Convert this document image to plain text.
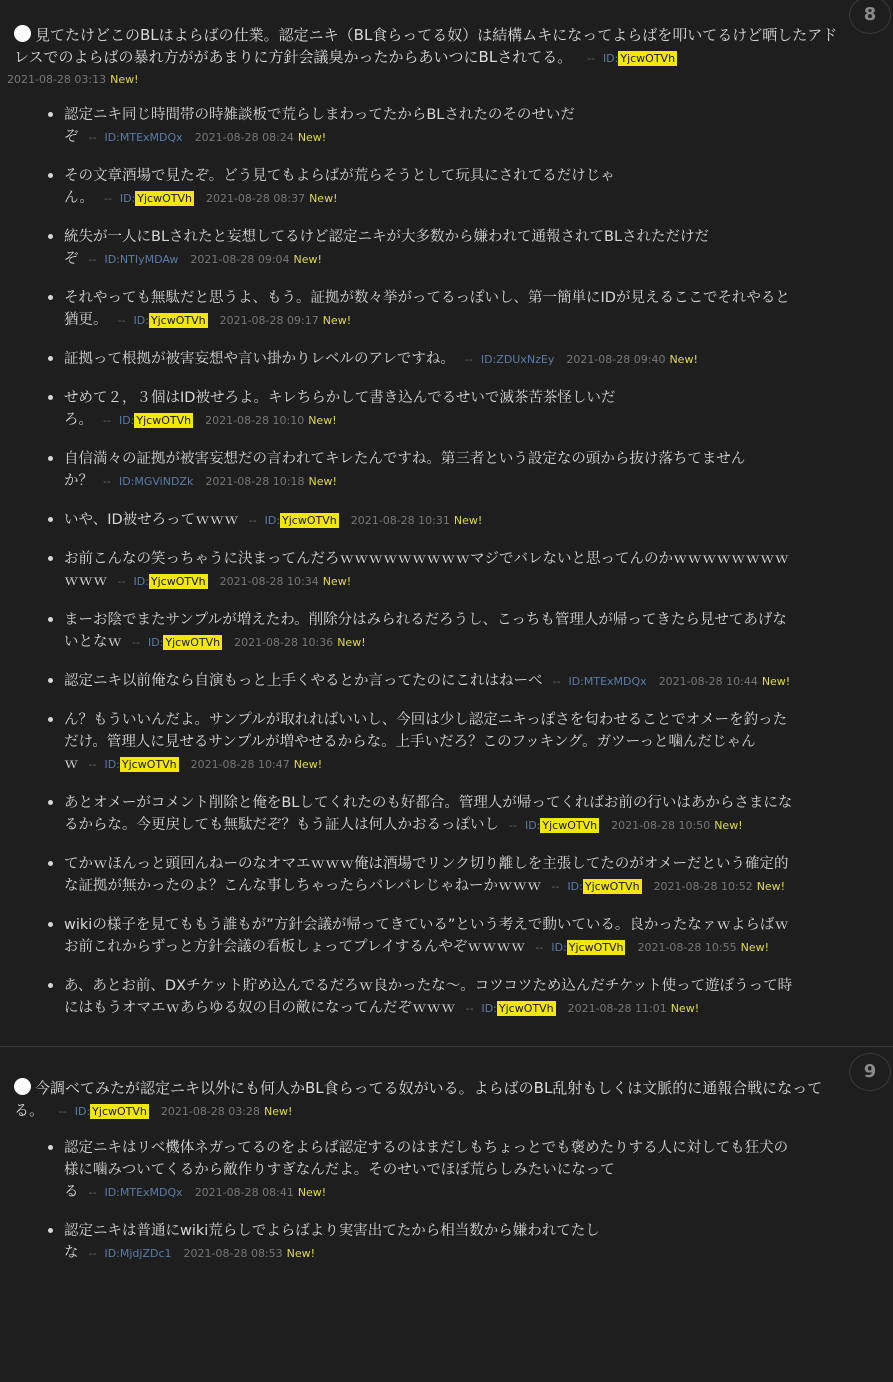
8
見てたけどこのBLはよらばの仕業。認定ニキ（BL食らってる奴）は結構ムキになってよらばを叩いてるけど晒したアドレスでのよらばの暴れ方ががあまりに方針会議臭かったからあいつにBLされてる。 -- ID: YjcwOTVh
2021-08-28 03:13 New!
認定ニキ同じ時間帯の時雑談板で荒らしまわってたからBLされたのそのせいだぞ -- ID:MTExMDQx 2021-08-28 08:24 New!
その文章酒場で見たぞ。どう見てもよらばが荒らそうとして玩具にされてるだけじゃん。 -- ID: YjcwOTVh 2021-08-28 08:37 New!
統失が一人にBLされたと妄想してるけど認定ニキが大多数から嫌われて通報されてBLされただけだぞ -- ID:NTIyMDAw 2021-08-28 09:04 New!
それやっても無駄だと思うよ、もう。証拠が数々挙がってるっぽいし、第一簡単にIDが見えるここでそれやると猶更。 -- ID: YjcwOTVh 2021-08-28 09:17 New!
証拠って根拠が被害妄想や言い掛かりレベルのアレですね。 -- ID:ZDUxNzEy 2021-08-28 09:40 New!
せめて２，３個はID被せろよ。キレちらかして書き込んでるせいで滅茶苦茶怪しいだろ。 -- ID: YjcwOTVh 2021-08-28 10:10 New!
自信満々の証拠が被害妄想だの言われてキレたんですね。第三者という設定なの頭から抜け落ちてませんか？ -- ID:MGViNDZk 2021-08-28 10:18 New!
いや、ID被せろってｗｗｗ -- ID: YjcwOTVh 2021-08-28 10:31 New!
お前こんなの笑っちゃうに決まってんだろｗｗｗｗｗｗｗｗｗマジでバレないと思ってんのかｗｗｗｗｗｗｗｗｗｗｗ -- ID: YjcwOTVh 2021-08-28 10:34 New!
まーお陰でまたサンプルが増えたわ。削除分はみられるだろうし、こっちも管理人が帰ってきたら見せてあげないとなｗ -- ID: YjcwOTVh 2021-08-28 10:36 New!
認定ニキ以前俺なら自演もっと上手くやるとか言ってたのにこれはねーべ -- ID:MTExMDQx 2021-08-28 10:44 New!
ん？もういいんだよ。サンプルが取れればいいし、今回は少し認定ニキっぽさを匂わせることでオメーを釣っただけ。管理人に見せるサンプルが増やせるからな。上手いだろ？このフッキング。ガツーっと噛んだじゃんｗ -- ID: YjcwOTVh 2021-08-28 10:47 New!
あとオメーがコメント削除と俺をBLしてくれたのも好都合。管理人が帰ってくればお前の行いはあからさまになるからな。今更戻しても無駄だぞ？もう証人は何人かおるっぽいし -- ID: YjcwOTVh 2021-08-28 10:50 New!
てかｗほんっと頭回んねーのなオマエｗｗｗ俺は酒場でリンク切り離しを主張してたのがオメーだという確定的な証拠が無かったのよ？こんな事しちゃったらバレバレじゃねーかｗｗｗ -- ID: YjcwOTVh 2021-08-28 10:52 New!
wikiの様子を見てももう誰もが”方針会議が帰ってきている”という考えで動いている。良かったなァｗよらばｗお前これからずっと方針会議の看板しょってプレイするんやぞｗｗｗｗ -- ID: YjcwOTVh 2021-08-28 10:55 New!
あ、あとお前、DXチケット貯め込んでるだろｗ良かったな～。コツコツため込んだチケット使って遊ぼうって時にはもうオマエｗあらゆる奴の目の敵になってんだぞｗｗｗ -- ID: YjcwOTVh 2021-08-28 11:01 New!
9
今調べてみたが認定ニキ以外にも何人かBL食らってる奴がいる。よらばのBL乱射もしくは文脈的に通報合戦になってる。 -- ID: YjcwOTVh 2021-08-28 03:28 New!
認定ニキはリベ機体ネガってるのをよらば認定するのはまだしもちょっとでも褒めたりする人に対しても狂犬の様に噛みついてくるから敵作りすぎなんだよ。そのせいでほぼ荒らしみたいになってる -- ID:MTExMDQx 2021-08-28 08:41 New!
認定ニキは普通にwiki荒らしでよらばより実害出てたから相当数から嫌われてたしな -- ID:MjdjZDc1 2021-08-28 08:53 New!
